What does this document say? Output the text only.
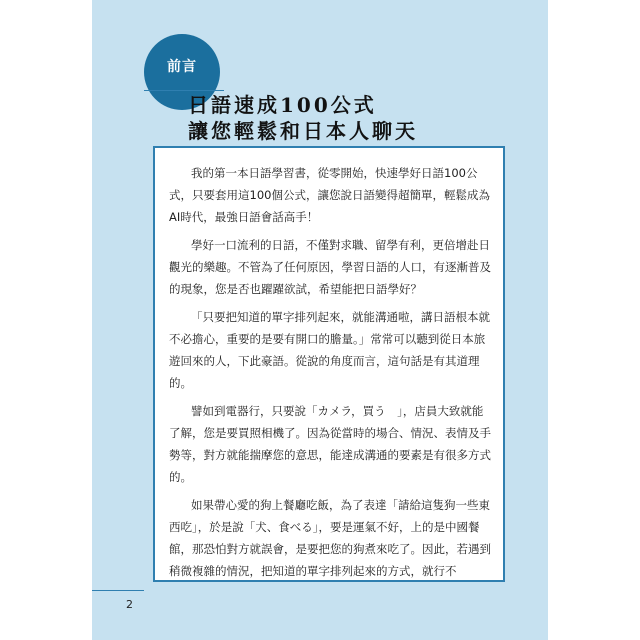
前言
日語速成100公式
讓您輕鬆和日本人聊天

我的第一本日語學習書，從零開始，快速學好日語100公式，只要套用這100個公式，讓您說日語變得超簡單，輕鬆成為AI時代，最強日語會話高手！

學好一口流利的日語，不僅對求職、留學有利，更倍增赴日觀光的樂趣。不管為了任何原因，學習日語的人口，有逐漸普及的現象，您是否也躍躍欲試，希望能把日語學好？

「只要把知道的單字排列起來，就能溝通啦，講日語根本就不必擔心，重要的是要有開口的膽量。」常常可以聽到從日本旅遊回來的人，下此豪語。從說的角度而言，這句話是有其道理的。

譬如到電器行，只要說「カメラ，買う　」，店員大致就能了解，您是要買照相機了。因為從當時的場合、情況、表情及手勢等，對方就能揣摩您的意思，能達成溝通的要素是有很多方式的。

如果帶心愛的狗上餐廳吃飯，為了表達「請給這隻狗一些東西吃」，於是說「犬、食べる」，要是運氣不好，上的是中國餐館，那恐怕對方就誤會，是要把您的狗煮來吃了。因此，若遇到稍微複雜的情況，把知道的單字排列起來的方式，就行不

2
